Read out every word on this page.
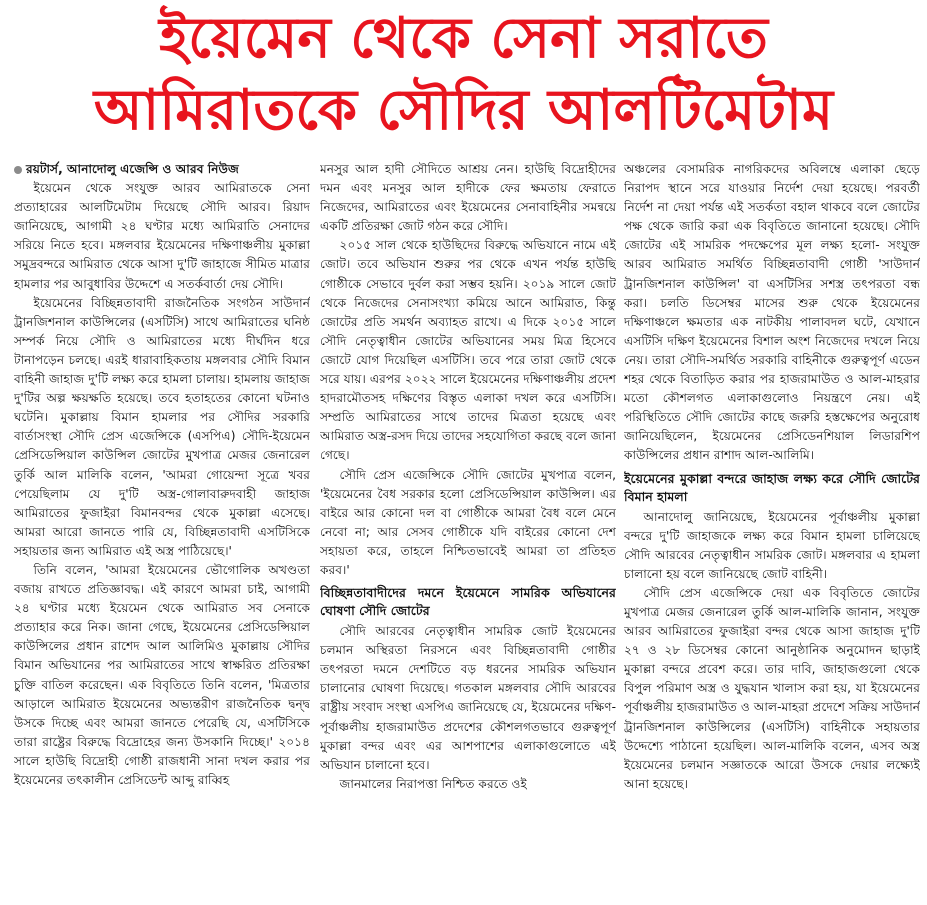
ইয়েমেন থেকে সেনা সরাতে
আমিরাতকে সৌদির আলটিমেটাম
রয়টার্স, আনাদোলু এজেন্সি ও আরব নিউজ

ইয়েমেন থেকে সংযুক্ত আরব আমিরাতকে সেনা প্রত্যাহারের আলটিমেটাম দিয়েছে সৌদি আরব। রিয়াদ জানিয়েছে, আগামী ২৪ ঘণ্টার মধ্যে আমিরাতি সেনাদের সরিয়ে নিতে হবে। মঙ্গলবার ইয়েমেনের দক্ষিণাঞ্চলীয় মুকাল্লা সমুদ্রবন্দরে আমিরাত থেকে আসা দু'টি জাহাজে সীমিত মাত্রার হামলার পর আবুধাবির উদ্দেশে এ সতর্কবার্তা দেয় সৌদি।

ইয়েমেনের বিচ্ছিন্নতাবাদী রাজনৈতিক সংগঠন সাউদার্ন ট্রানজিশনাল কাউন্সিলের (এসটিসি) সাথে আমিরাতের ঘনিষ্ঠ সম্পর্ক নিয়ে সৌদি ও আমিরাতের মধ্যে দীর্ঘদিন ধরে টানাপড়েন চলছে। এরই ধারাবাহিকতায় মঙ্গলবার সৌদি বিমান বাহিনী জাহাজ দু'টি লক্ষ্য করে হামলা চালায়। হামলায় জাহাজ দু'টির অল্প ক্ষয়ক্ষতি হয়েছে। তবে হতাহতের কোনো ঘটনাও ঘটেনি। মুকাল্লায় বিমান হামলার পর সৌদির সরকারি বার্তাসংস্থা সৌদি প্রেস এজেন্সিকে (এসপিএ) সৌদি-ইয়েমেন প্রেসিডেন্সিয়াল কাউন্সিল জোটের মুখপাত্র মেজর জেনারেল তুর্কি আল মালিকি বলেন, 'আমরা গোয়েন্দা সূত্রে খবর পেয়েছিলাম যে দু'টি অস্ত্র-গোলাবারুদবাহী জাহাজ আমিরাতের ফুজাইরা বিমানবন্দর থেকে মুকাল্লা এসেছে। আমরা আরো জানতে পারি যে, বিচ্ছিন্নতাবাদী এসটিসিকে সহায়তার জন্য আমিরাত এই অস্ত্র পাঠিয়েছে।'

তিনি বলেন, 'আমরা ইয়েমেনের ভৌগোলিক অখণ্ডতা বজায় রাখতে প্রতিজ্ঞাবদ্ধ। এই কারণে আমরা চাই, আগামী ২৪ ঘণ্টার মধ্যে ইয়েমেন থেকে আমিরাত সব সেনাকে প্রত্যাহার করে নিক। জানা গেছে, ইয়েমেনের প্রেসিডেন্সিয়াল কাউন্সিলের প্রধান রাশেদ আল আলিমিও মুকাল্লায় সৌদির বিমান অভিযানের পর আমিরাতের সাথে স্বাক্ষরিত প্রতিরক্ষা চুক্তি বাতিল করেছেন। এক বিবৃতিতে তিনি বলেন, 'মিত্রতার আড়ালে আমিরাত ইয়েমেনের অভ্যন্তরীণ রাজনৈতিক দ্বন্দ্ব উসকে দিচ্ছে এবং আমরা জানতে পেরেছি যে, এসটিসিকে তারা রাষ্ট্রের বিরুদ্ধে বিদ্রোহের জন্য উসকানি দিচ্ছে।' ২০১৪ সালে হাউছি বিদ্রোহী গোষ্ঠী রাজধানী সানা দখল করার পর ইয়েমেনের তৎকালীন প্রেসিডেন্ট আব্দু রাব্বিহ

মনসুর আল হাদী সৌদিতে আশ্রয় নেন। হাউছি বিদ্রোহীদের দমন এবং মনসুর আল হাদীকে ফের ক্ষমতায় ফেরাতে নিজেদের, আমিরাতের এবং ইয়েমেনের সেনাবাহিনীর সমন্বয়ে একটি প্রতিরক্ষা জোট গঠন করে সৌদি।

২০১৫ সাল থেকে হাউছিদের বিরুদ্ধে অভিযানে নামে এই জোট। তবে অভিযান শুরুর পর থেকে এখন পর্যন্ত হাউছি গোষ্ঠীকে সেভাবে দুর্বল করা সম্ভব হয়নি। ২০১৯ সালে জোট থেকে নিজেদের সেনাসংখ্যা কমিয়ে আনে আমিরাত, কিন্তু জোটের প্রতি সমর্থন অব্যাহত রাখে। এ দিকে ২০১৫ সালে সৌদি নেতৃত্বাধীন জোটের অভিযানের সময় মিত্র হিসেবে জোটে যোগ দিয়েছিল এসটিসি। তবে পরে তারা জোট থেকে সরে যায়। এরপর ২০২২ সালে ইয়েমেনের দক্ষিণাঞ্চলীয় প্রদেশ হাদরামৌতসহ দক্ষিণের বিস্তৃত এলাকা দখল করে এসটিসি। সম্প্রতি আমিরাতের সাথে তাদের মিত্রতা হয়েছে এবং আমিরাত অস্ত্র-রসদ দিয়ে তাদের সহযোগিতা করছে বলে জানা গেছে।

সৌদি প্রেস এজেন্সিকে সৌদি জোটের মুখপাত্র বলেন, 'ইয়েমেনের বৈধ সরকার হলো প্রেসিডেন্সিয়াল কাউন্সিল। এর বাইরে আর কোনো দল বা গোষ্ঠীকে আমরা বৈধ বলে মেনে নেবো না; আর সেসব গোষ্ঠীকে যদি বাইরের কোনো দেশ সহায়তা করে, তাহলে নিশ্চিতভাবেই আমরা তা প্রতিহত করব।'

বিচ্ছিন্নতাবাদীদের দমনে ইয়েমেনে সামরিক অভিযানের ঘোষণা সৌদি জোটের

সৌদি আরবের নেতৃত্বাধীন সামরিক জোট ইয়েমেনের চলমান অস্থিরতা নিরসনে এবং বিচ্ছিন্নতাবাদী গোষ্ঠীর তৎপরতা দমনে দেশটিতে বড় ধরনের সামরিক অভিযান চালানোর ঘোষণা দিয়েছে। গতকাল মঙ্গলবার সৌদি আরবের রাষ্ট্রীয় সংবাদ সংস্থা এসপিএ জানিয়েছে যে, ইয়েমেনের দক্ষিণ-পূর্বাঞ্চলীয় হাজরামাউত প্রদেশের কৌশলগতভাবে গুরুত্বপূর্ণ মুকাল্লা বন্দর এবং এর আশপাশের এলাকাগুলোতে এই অভিযান চালানো হবে।

জানমালের নিরাপত্তা নিশ্চিত করতে ওই

অঞ্চলের বেসামরিক নাগরিকদের অবিলম্বে এলাকা ছেড়ে নিরাপদ স্থানে সরে যাওয়ার নির্দেশ দেয়া হয়েছে। পরবর্তী নির্দেশ না দেয়া পর্যন্ত এই সতর্কতা বহাল থাকবে বলে জোটের পক্ষ থেকে জারি করা এক বিবৃতিতে জানানো হয়েছে। সৌদি জোটের এই সামরিক পদক্ষেপের মূল লক্ষ্য হলো- সংযুক্ত আরব আমিরাত সমর্থিত বিচ্ছিন্নতাবাদী গোষ্ঠী 'সাউদার্ন ট্রানজিশনাল কাউন্সিল' বা এসটিসির সশস্ত্র তৎপরতা বন্ধ করা। চলতি ডিসেম্বর মাসের শুরু থেকে ইয়েমেনের দক্ষিণাঞ্চলে ক্ষমতার এক নাটকীয় পালাবদল ঘটে, যেখানে এসটিসি দক্ষিণ ইয়েমেনের বিশাল অংশ নিজেদের দখলে নিয়ে নেয়। তারা সৌদি-সমর্থিত সরকারি বাহিনীকে গুরুত্বপূর্ণ এডেন শহর থেকে বিতাড়িত করার পর হাজরামাউত ও আল-মাহরার মতো কৌশলগত এলাকাগুলোও নিয়ন্ত্রণে নেয়। এই পরিস্থিতিতে সৌদি জোটের কাছে জরুরি হস্তক্ষেপের অনুরোধ জানিয়েছিলেন, ইয়েমেনের প্রেসিডেনশিয়াল লিডারশিপ কাউন্সিলের প্রধান রাশাদ আল-আলিমি।

ইয়েমেনের মুকাল্লা বন্দরে জাহাজ লক্ষ্য করে সৌদি জোটের বিমান হামলা

আনাদোলু জানিয়েছে, ইয়েমেনের পূর্বাঞ্চলীয় মুকাল্লা বন্দরে দু'টি জাহাজকে লক্ষ্য করে বিমান হামলা চালিয়েছে সৌদি আরবের নেতৃত্বাধীন সামরিক জোট। মঙ্গলবার এ হামলা চালানো হয় বলে জানিয়েছে জোট বাহিনী।

সৌদি প্রেস এজেন্সিকে দেয়া এক বিবৃতিতে জোটের মুখপাত্র মেজর জেনারেল তুর্কি আল-মালিকি জানান, সংযুক্ত আরব আমিরাতের ফুজাইরা বন্দর থেকে আসা জাহাজ দু'টি ২৭ ও ২৮ ডিসেম্বর কোনো আনুষ্ঠানিক অনুমোদন ছাড়াই মুকাল্লা বন্দরে প্রবেশ করে। তার দাবি, জাহাজগুলো থেকে বিপুল পরিমাণ অস্ত্র ও যুদ্ধযান খালাস করা হয়, যা ইয়েমেনের পূর্বাঞ্চলীয় হাজরামাউত ও আল-মাহরা প্রদেশে সক্রিয় সাউদার্ন ট্রানজিশনাল কাউন্সিলের (এসটিসি) বাহিনীকে সহায়তার উদ্দেশ্যে পাঠানো হয়েছিল। আল-মালিকি বলেন, এসব অস্ত্র ইয়েমেনের চলমান সজ্ঞাতকে আরো উসকে দেয়ার লক্ষ্যেই আনা হয়েছে।
